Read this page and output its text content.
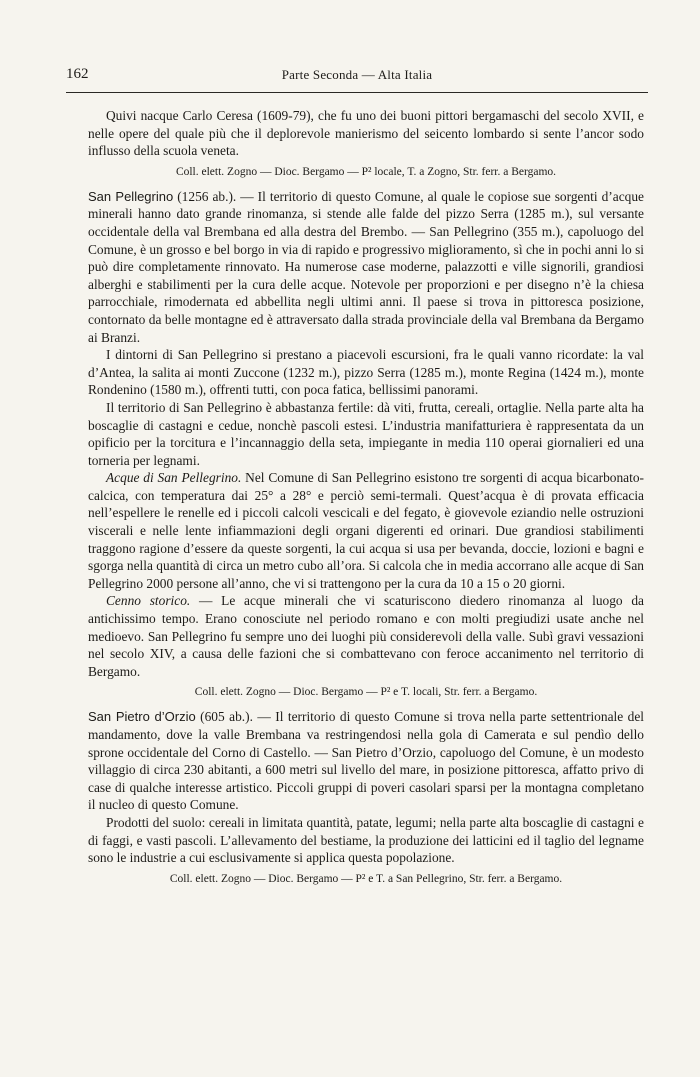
162	Parte Seconda — Alta Italia

Quivi nacque Carlo Ceresa (1609-79), che fu uno dei buoni pittori bergamaschi del secolo XVII, e nelle opere del quale più che il deplorevole manierismo del seicento lombardo si sente l’ancor sodo influsso della scuola veneta.

Coll. elett. Zogno — Dioc. Bergamo — P² locale, T. a Zogno, Str. ferr. a Bergamo.

San Pellegrino (1256 ab.). — Il territorio di questo Comune, al quale le copiose sue sorgenti d’acque minerali hanno dato grande rinomanza, si stende alle falde del pizzo Serra (1285 m.), sul versante occidentale della val Brembana ed alla destra del Brembo. — San Pellegrino (355 m.), capoluogo del Comune, è un grosso e bel borgo in via di rapido e progressivo miglioramento, sì che in pochi anni lo si può dire completamente rinnovato. Ha numerose case moderne, palazzotti e ville signorili, grandiosi alberghi e stabilimenti per la cura delle acque. Notevole per proporzioni e per disegno n’è la chiesa parrocchiale, rimodernata ed abbellita negli ultimi anni. Il paese si trova in pittoresca posizione, contornato da belle montagne ed è attraversato dalla strada provinciale della val Brembana da Bergamo ai Branzi.

I dintorni di San Pellegrino si prestano a piacevoli escursioni, fra le quali vanno ricordate: la val d’Antea, la salita ai monti Zuccone (1232 m.), pizzo Serra (1285 m.), monte Regina (1424 m.), monte Rondenino (1580 m.), offrenti tutti, con poca fatica, bellissimi panorami.

Il territorio di San Pellegrino è abbastanza fertile: dà viti, frutta, cereali, ortaglie. Nella parte alta ha boscaglie di castagni e cedue, nonchè pascoli estesi. L’industria manifatturiera è rappresentata da un opificio per la torcitura e l’incannaggio della seta, impiegante in media 110 operai giornalieri ed una torneria per legnami.

Acque di San Pellegrino. Nel Comune di San Pellegrino esistono tre sorgenti di acqua bicarbonato-calcica, con temperatura dai 25° a 28° e perciò semi-termali. Quest’acqua è di provata efficacia nell’espellere le renelle ed i piccoli calcoli vescicali e del fegato, è giovevole eziandio nelle ostruzioni viscerali e nelle lente infiammazioni degli organi digerenti ed orinari. Due grandiosi stabilimenti traggono ragione d’essere da queste sorgenti, la cui acqua si usa per bevanda, doccie, lozioni e bagni e sgorga nella quantità di circa un metro cubo all’ora. Si calcola che in media accorrano alle acque di San Pellegrino 2000 persone all’anno, che vi si trattengono per la cura da 10 a 15 o 20 giorni.

Cenno storico. — Le acque minerali che vi scaturiscono diedero rinomanza al luogo da antichissimo tempo. Erano conosciute nel periodo romano e con molti pregiudizi usate anche nel medioevo. San Pellegrino fu sempre uno dei luoghi più considerevoli della valle. Subì gravi vessazioni nel secolo XIV, a causa delle fazioni che si combattevano con feroce accanimento nel territorio di Bergamo.

Coll. elett. Zogno — Dioc. Bergamo — P² e T. locali, Str. ferr. a Bergamo.

San Pietro d’Orzio (605 ab.). — Il territorio di questo Comune si trova nella parte settentrionale del mandamento, dove la valle Brembana va restringendosi nella gola di Camerata e sul pendìo dello sprone occidentale del Corno di Castello. — San Pietro d’Orzio, capoluogo del Comune, è un modesto villaggio di circa 230 abitanti, a 600 metri sul livello del mare, in posizione pittoresca, affatto privo di case di qualche interesse artistico. Piccoli gruppi di poveri casolari sparsi per la montagna completano il nucleo di questo Comune.

Prodotti del suolo: cereali in limitata quantità, patate, legumi; nella parte alta boscaglie di castagni e di faggi, e vasti pascoli. L’allevamento del bestiame, la produzione dei latticini ed il taglio del legname sono le industrie a cui esclusivamente si applica questa popolazione.

Coll. elett. Zogno — Dioc. Bergamo — P² e T. a San Pellegrino, Str. ferr. a Bergamo.
